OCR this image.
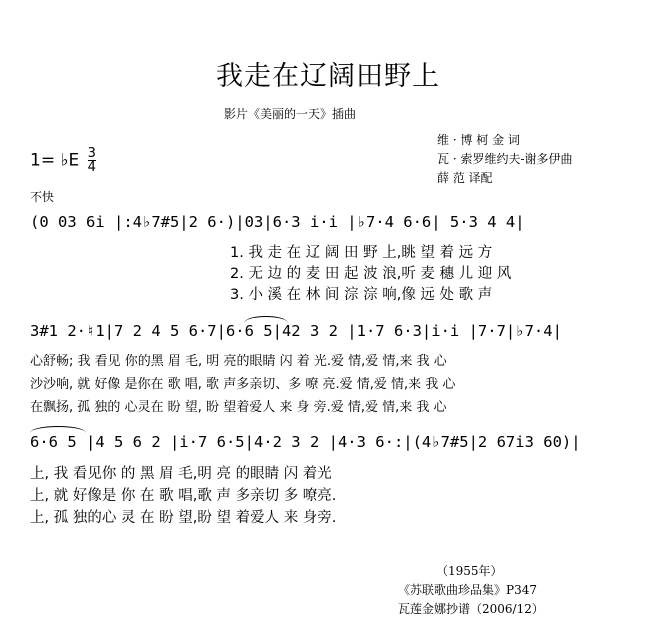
我走在辽阔田野上
影片《美丽的一天》插曲
1= ♭E $\frac{3}{4}$
维 · 博 柯 金 词
瓦 · 索罗维约夫-谢多伊曲
薛 范 译配
不快
(0 03 6i |:4♭7#5|2 6·)|03|6·3 i·i |♭7·4 6·6| 5·3 4 4|
1. 我 走 在 辽 阔 田 野 上,眺 望 着 远 方
2. 无 边 的 麦 田 起 波 浪,听 麦 穗 儿 迎 风
3. 小 溪 在 林 间 淙 淙 响,像 远 处 歌 声
3#1 2·♮1|7 2 4 5 6·7|6·6 5|42 3 2 |1·7 6·3|i·i |7·7|♭7·4|
心舒畅; 我 看见 你的黑 眉 毛, 明 亮的眼睛 闪 着 光.爱 情,爱 情,来 我 心
沙沙响, 就 好像 是你在 歌 唱, 歌 声多亲切、多 嘹 亮.爱 情,爱 情,来 我 心
在飘扬, 孤 独的 心灵在 盼 望, 盼 望着爱人 来 身 旁.爱 情,爱 情,来 我 心
6·6 5 |4 5 6 2 |i·7 6·5|4·2 3 2 |4·3 6·:|(4♭7#5|2 67i3 60)|
上, 我 看见你 的 黑 眉 毛,明 亮 的眼睛 闪 着光
上, 就 好像是 你 在 歌 唱,歌 声 多亲切 多 嘹亮.
上, 孤 独的心 灵 在 盼 望,盼 望 着爱人 来 身旁.
（1955年）
《苏联歌曲珍品集》P347
瓦莲金娜抄谱（2006/12）
